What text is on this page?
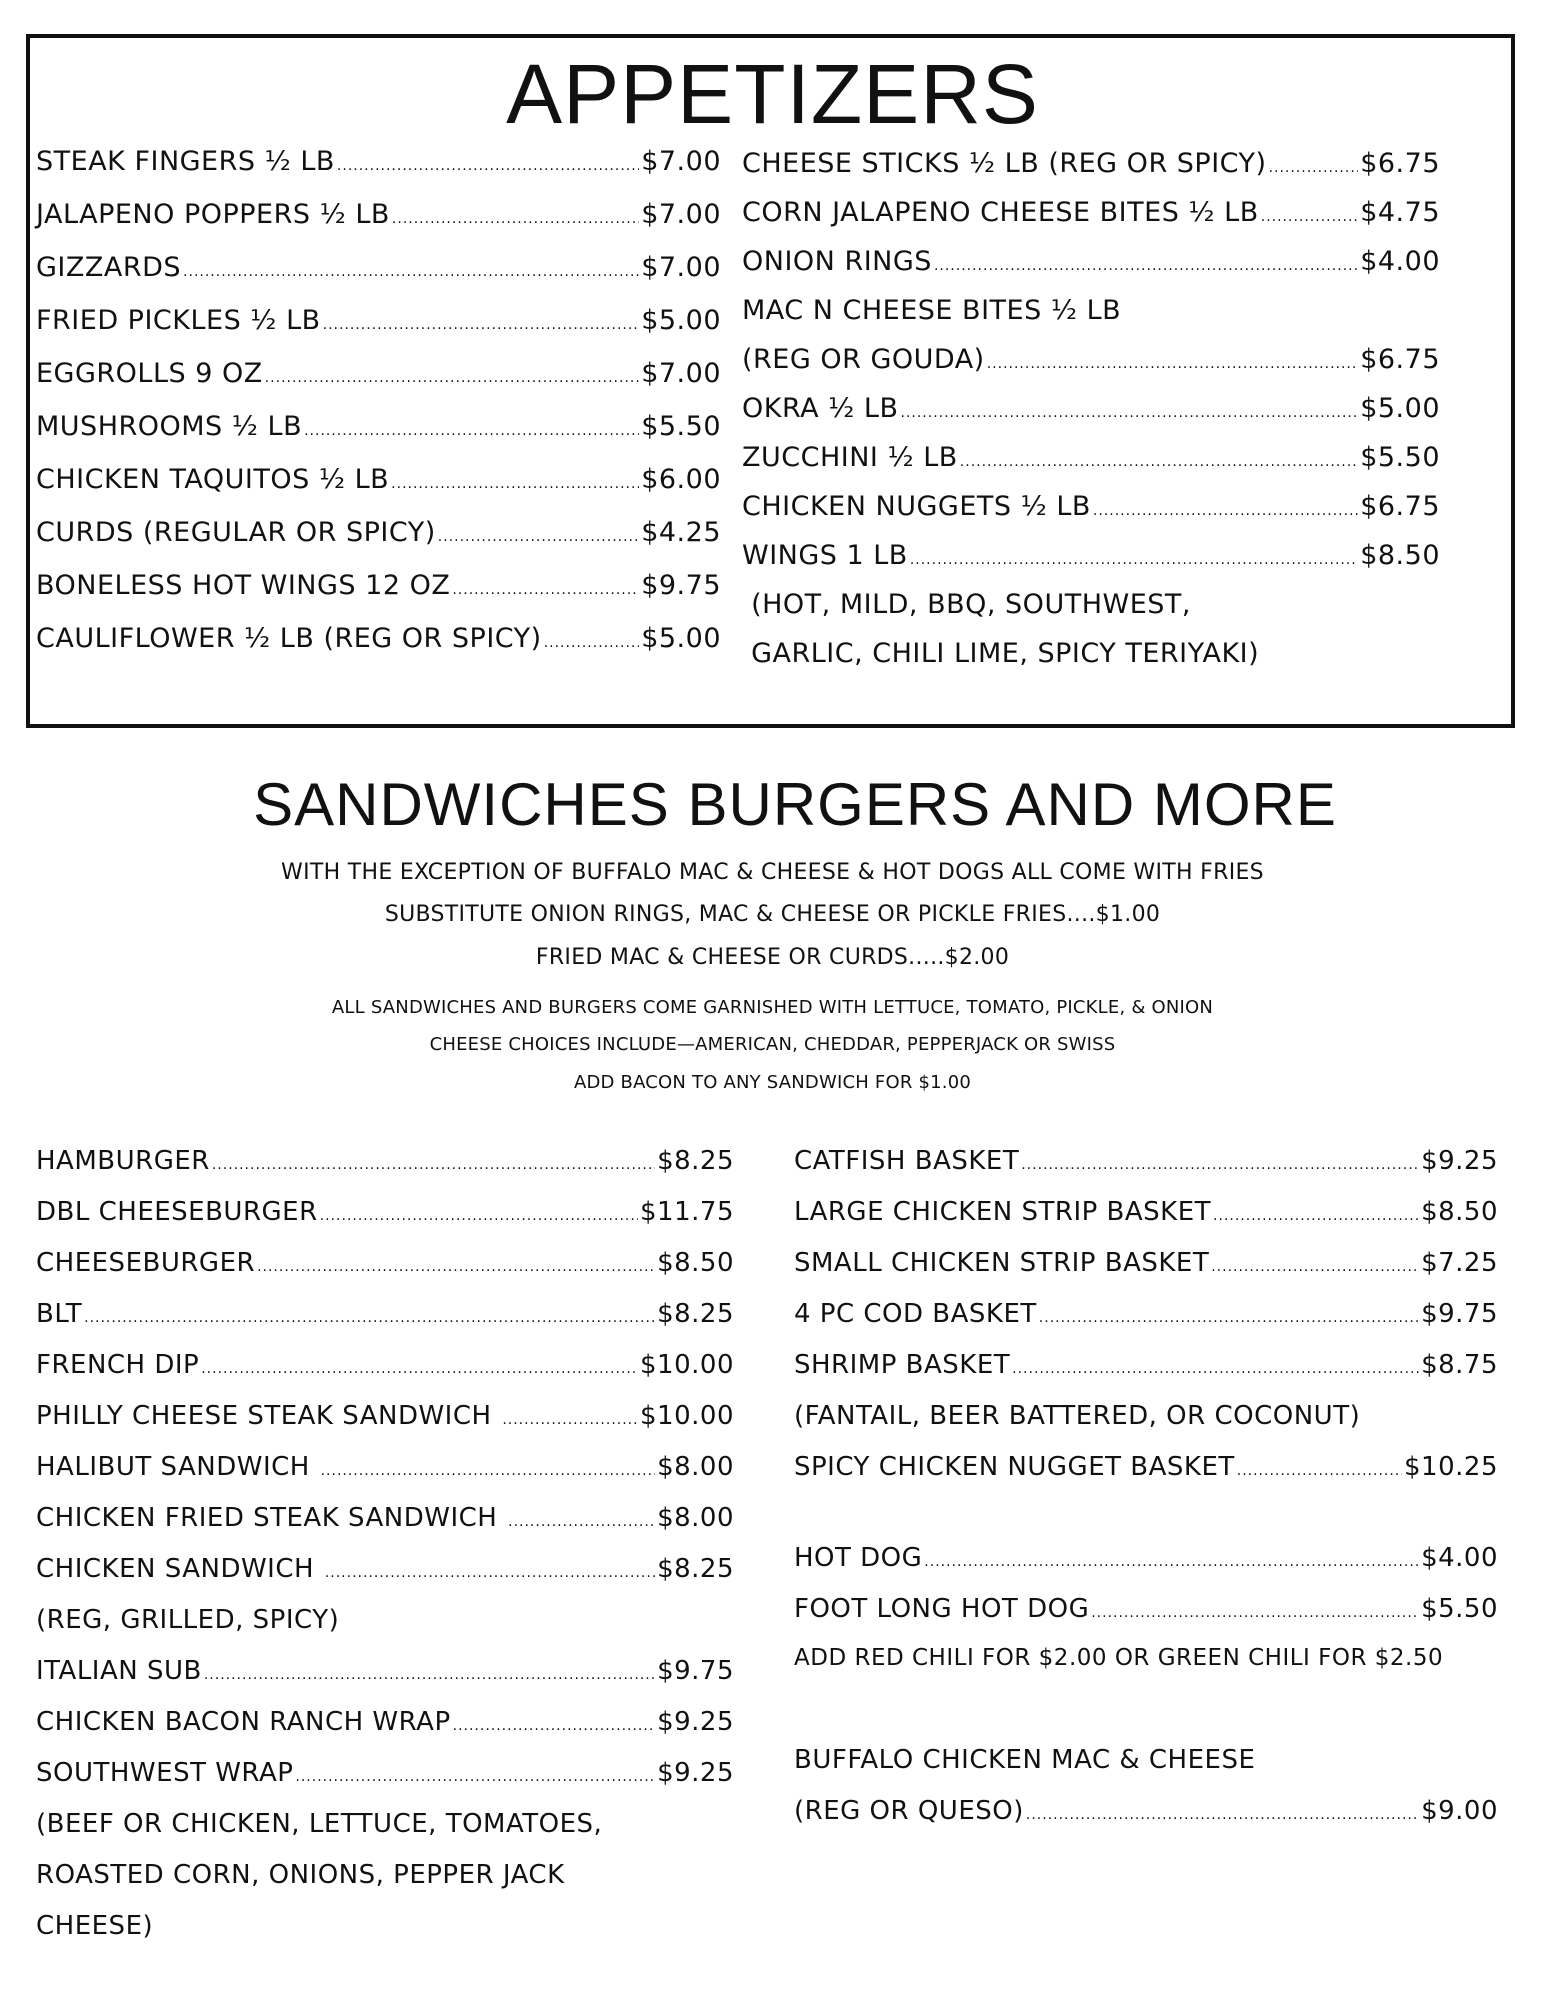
APPETIZERS
STEAK FINGERS ½ LB .....	$7.00
JALAPENO POPPERS ½ LB .....	$7.00
GIZZARDS .....	$7.00
FRIED PICKLES ½ LB .....	$5.00
EGGROLLS 9 OZ .....	$7.00
MUSHROOMS ½ LB .....	$5.50
CHICKEN TAQUITOS ½ LB .....	$6.00
CURDS (REGULAR OR SPICY) .....	$4.25
BONELESS HOT WINGS 12 OZ .....	$9.75
CAULIFLOWER ½ LB (REG OR SPICY) .....	$5.00
CHEESE STICKS ½ LB (REG OR SPICY) .....	$6.75
CORN JALAPENO CHEESE BITES ½ LB .....	$4.75
ONION RINGS .....	$4.00
MAC N CHEESE BITES ½ LB
(REG OR GOUDA) .....	$6.75
OKRA ½ LB .....	$5.00
ZUCCHINI ½ LB .....	$5.50
CHICKEN NUGGETS ½ LB .....	$6.75
WINGS 1 LB .....	$8.50
(HOT, MILD, BBQ, SOUTHWEST,
GARLIC, CHILI LIME, SPICY TERIYAKI)
SANDWICHES BURGERS AND MORE
WITH THE EXCEPTION OF BUFFALO MAC & CHEESE & HOT DOGS ALL COME WITH FRIES
SUBSTITUTE ONION RINGS, MAC & CHEESE OR PICKLE FRIES....$1.00
FRIED MAC & CHEESE OR CURDS.....$2.00
ALL SANDWICHES AND BURGERS COME GARNISHED WITH LETTUCE, TOMATO, PICKLE, & ONION
CHEESE CHOICES INCLUDE—AMERICAN, CHEDDAR, PEPPERJACK OR SWISS
ADD BACON TO ANY SANDWICH FOR $1.00
HAMBURGER .....	$8.25
DBL CHEESEBURGER .....	$11.75
CHEESEBURGER .....	$8.50
BLT .....	$8.25
FRENCH DIP .....	$10.00
PHILLY CHEESE STEAK SANDWICH .....	$10.00
HALIBUT SANDWICH .....	$8.00
CHICKEN FRIED STEAK SANDWICH .....	$8.00
CHICKEN SANDWICH .....	$8.25
(REG, GRILLED, SPICY)
ITALIAN SUB .....	$9.75
CHICKEN BACON RANCH WRAP .....	$9.25
SOUTHWEST WRAP .....	$9.25
(BEEF OR CHICKEN, LETTUCE, TOMATOES,
ROASTED CORN, ONIONS, PEPPER JACK
CHEESE)
CATFISH BASKET .....	$9.25
LARGE CHICKEN STRIP BASKET .....	$8.50
SMALL CHICKEN STRIP BASKET .....	$7.25
4 PC COD BASKET .....	$9.75
SHRIMP BASKET .....	$8.75
(FANTAIL, BEER BATTERED, OR COCONUT)
SPICY CHICKEN NUGGET BASKET .....	$10.25
HOT DOG .....	$4.00
FOOT LONG HOT DOG .....	$5.50
ADD RED CHILI FOR $2.00 OR GREEN CHILI FOR $2.50
BUFFALO CHICKEN MAC & CHEESE
(REG OR QUESO) .....	$9.00
